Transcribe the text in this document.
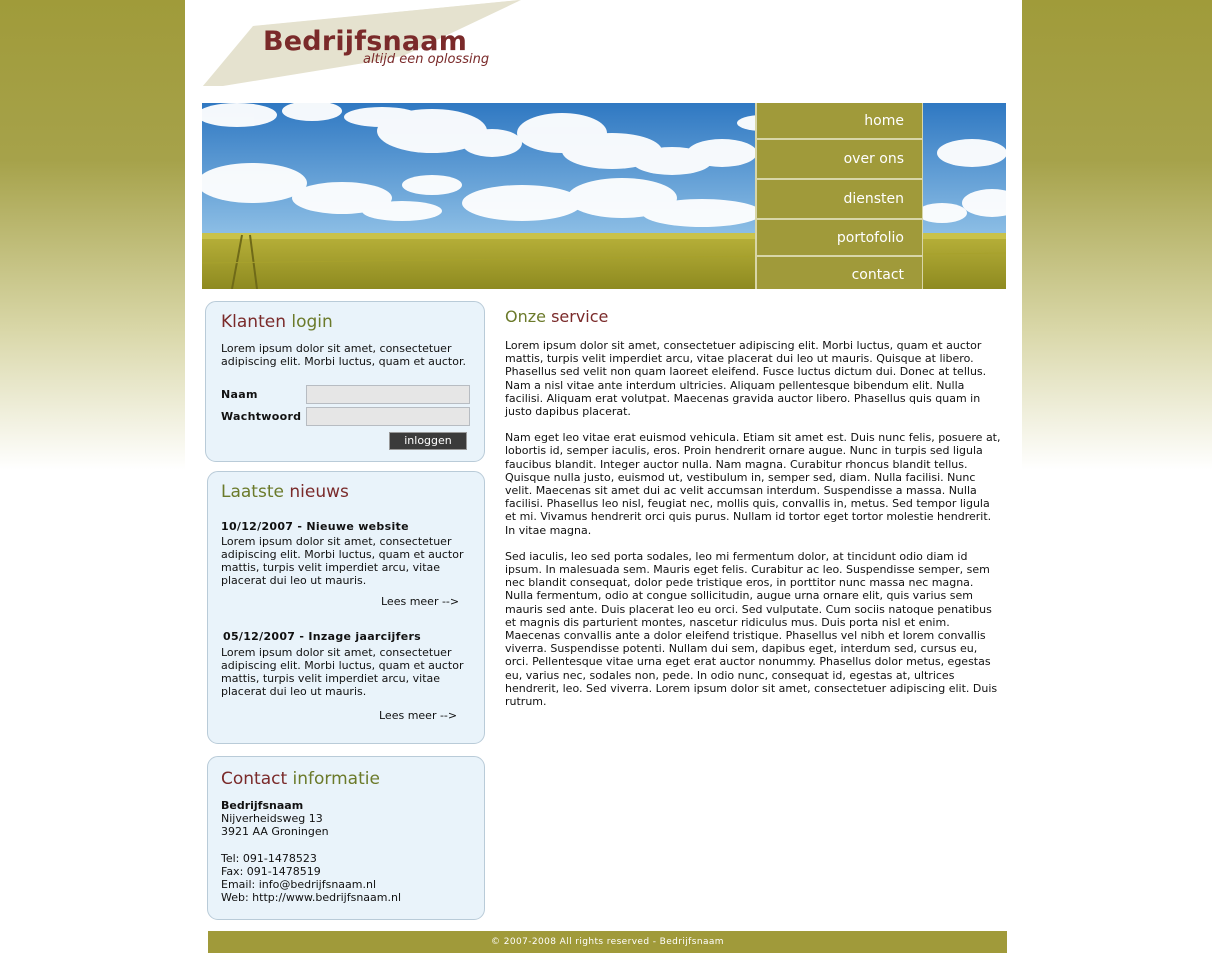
Bedrijfsnaam
altijd een oplossing
home
over ons
diensten
portofolio
contact
Klanten login

Lorem ipsum dolor sit amet, consectetuer adipiscing elit. Morbi luctus, quam et auctor.

Naam
Wachtwoord
inloggen
Laatste nieuws
10/12/2007 - Nieuwe website

Lorem ipsum dolor sit amet, consectetuer adipiscing elit. Morbi luctus, quam et auctor mattis, turpis velit imperdiet arcu, vitae placerat dui leo ut mauris.

Lees meer -->
05/12/2007 - Inzage jaarcijfers

Lorem ipsum dolor sit amet, consectetuer adipiscing elit. Morbi luctus, quam et auctor mattis, turpis velit imperdiet arcu, vitae placerat dui leo ut mauris.

Lees meer -->
Contact informatie
Bedrijfsnaam
Nijverheidsweg 13
3921 AA Groningen
Tel: 091-1478523
Fax: 091-1478519
Email: info@bedrijfsnaam.nl
Web: http://www.bedrijfsnaam.nl
Onze service

Lorem ipsum dolor sit amet, consectetuer adipiscing elit. Morbi luctus, quam et auctor mattis, turpis velit imperdiet arcu, vitae placerat dui leo ut mauris. Quisque at libero. Phasellus sed velit non quam laoreet eleifend. Fusce luctus dictum dui. Donec at tellus. Nam a nisl vitae ante interdum ultricies. Aliquam pellentesque bibendum elit. Nulla facilisi. Aliquam erat volutpat. Maecenas gravida auctor libero. Phasellus quis quam in justo dapibus placerat.

Nam eget leo vitae erat euismod vehicula. Etiam sit amet est. Duis nunc felis, posuere at, lobortis id, semper iaculis, eros. Proin hendrerit ornare augue. Nunc in turpis sed ligula faucibus blandit. Integer auctor nulla. Nam magna. Curabitur rhoncus blandit tellus. Quisque nulla justo, euismod ut, vestibulum in, semper sed, diam. Nulla facilisi. Nunc velit. Maecenas sit amet dui ac velit accumsan interdum. Suspendisse a massa. Nulla facilisi. Phasellus leo nisl, feugiat nec, mollis quis, convallis in, metus. Sed tempor ligula et mi. Vivamus hendrerit orci quis purus. Nullam id tortor eget tortor molestie hendrerit. In vitae magna.

Sed iaculis, leo sed porta sodales, leo mi fermentum dolor, at tincidunt odio diam id ipsum. In malesuada sem. Mauris eget felis. Curabitur ac leo. Suspendisse semper, sem nec blandit consequat, dolor pede tristique eros, in porttitor nunc massa nec magna. Nulla fermentum, odio at congue sollicitudin, augue urna ornare elit, quis varius sem mauris sed ante. Duis placerat leo eu orci. Sed vulputate. Cum sociis natoque penatibus et magnis dis parturient montes, nascetur ridiculus mus. Duis porta nisl et enim. Maecenas convallis ante a dolor eleifend tristique. Phasellus vel nibh et lorem convallis viverra. Suspendisse potenti. Nullam dui sem, dapibus eget, interdum sed, cursus eu, orci. Pellentesque vitae urna eget erat auctor nonummy. Phasellus dolor metus, egestas eu, varius nec, sodales non, pede. In odio nunc, consequat id, egestas at, ultrices hendrerit, leo. Sed viverra. Lorem ipsum dolor sit amet, consectetuer adipiscing elit. Duis rutrum.

© 2007-2008 All rights reserved - Bedrijfsnaam
